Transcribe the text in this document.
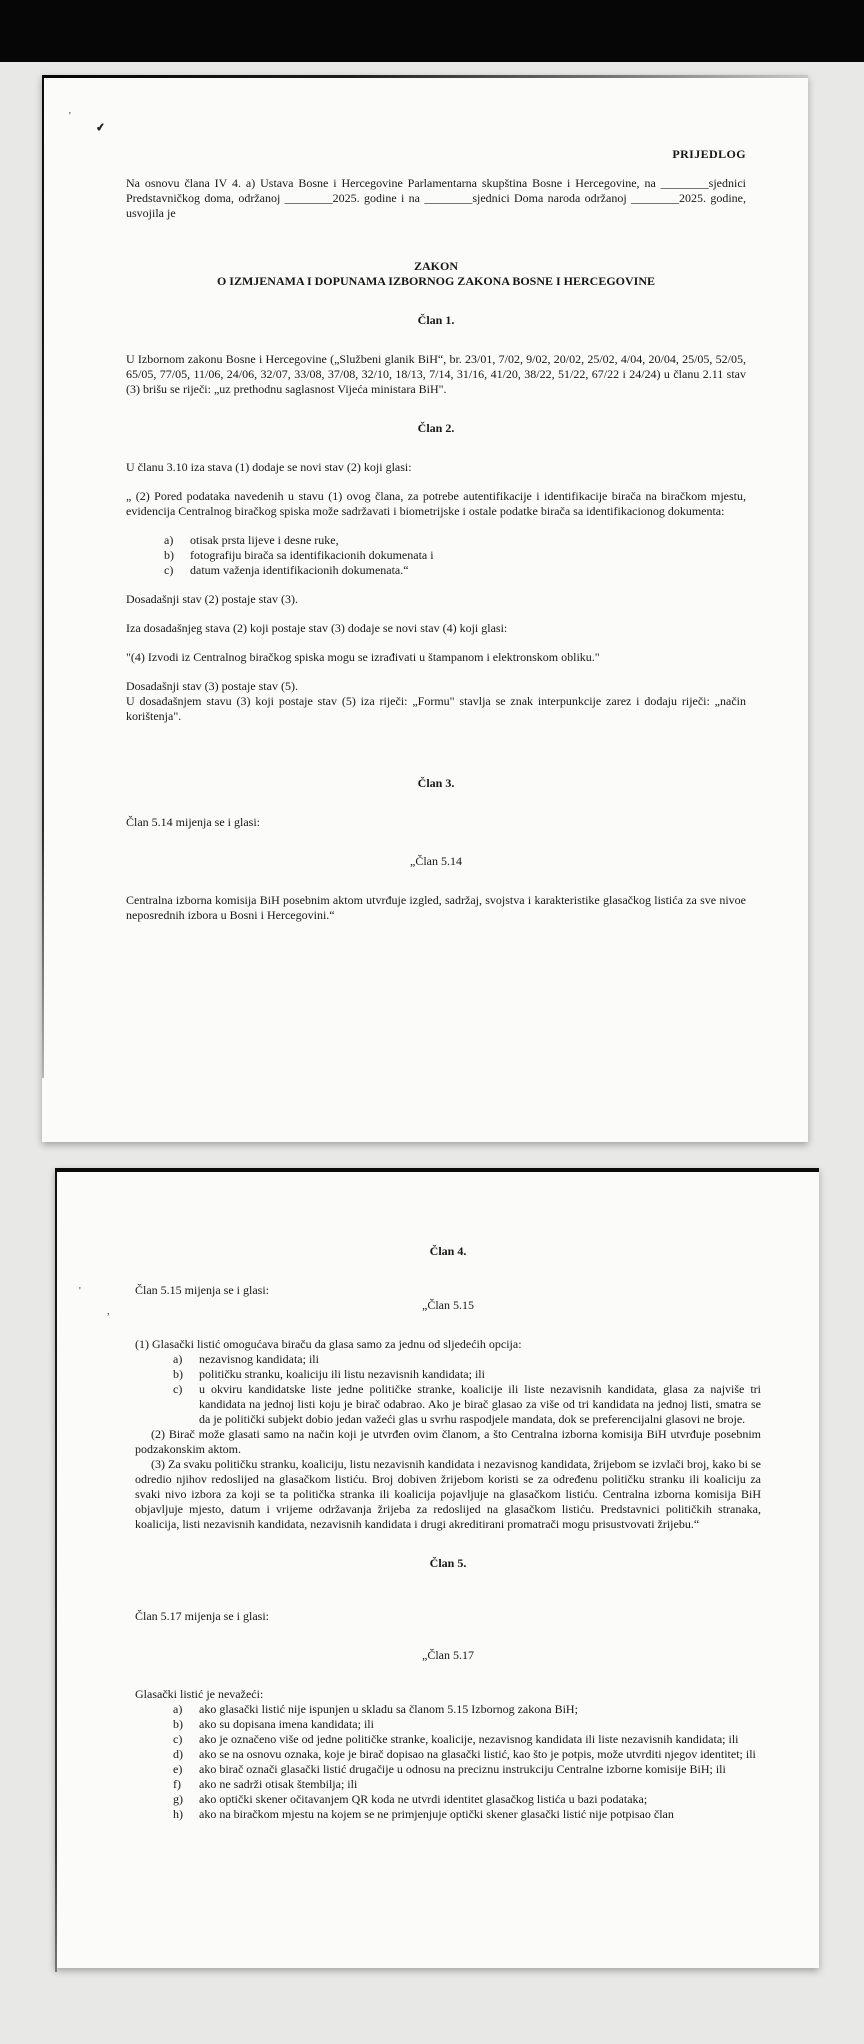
PRIJEDLOG
Na osnovu člana IV 4. a) Ustava Bosne i Hercegovine Parlamentarna skupština Bosne i Hercegovine, na ________sjednici Predstavničkog doma, održanoj ________2025. godine i na ________sjednici Doma naroda održanoj ________2025. godine, usvojila je
ZAKON
O IZMJENAMA I DOPUNAMA IZBORNOG ZAKONA BOSNE I HERCEGOVINE
Član 1.
U Izbornom zakonu Bosne i Hercegovine („Službeni glanik BiH“, br. 23/01, 7/02, 9/02, 20/02, 25/02, 4/04, 20/04, 25/05, 52/05, 65/05, 77/05, 11/06, 24/06, 32/07, 33/08, 37/08, 32/10, 18/13, 7/14, 31/16, 41/20, 38/22, 51/22, 67/22 i 24/24) u članu 2.11 stav (3) brišu se riječi: „uz prethodnu saglasnost Vijeća ministara BiH".
Član 2.
U članu 3.10 iza stava (1) dodaje se novi stav (2) koji glasi:
„ (2) Pored podataka navedenih u stavu (1) ovog člana, za potrebe autentifikacije i identifikacije birača na biračkom mjestu, evidencija Centralnog biračkog spiska može sadržavati i biometrijske i ostale podatke birača sa identifikacionog dokumenta:
a)	otisak prsta lijeve i desne ruke,
b)	fotografiju birača sa identifikacionih dokumenata i
c)	datum važenja identifikacionih dokumenata.“
Dosadašnji stav (2) postaje stav (3).
Iza dosadašnjeg stava (2) koji postaje stav (3) dodaje se novi stav (4) koji glasi:
"(4) Izvodi iz Centralnog biračkog spiska mogu se izrađivati u štampanom i elektronskom obliku."
Dosadašnji stav (3) postaje stav (5).
U dosadašnjem stavu (3) koji postaje stav (5) iza riječi: „Formu" stavlja se znak interpunkcije zarez i dodaju riječi: „način korištenja".
Član 3.
Član 5.14 mijenja se i glasi:
„Član 5.14
Centralna izborna komisija BiH posebnim aktom utvrđuje izgled, sadržaj, svojstva i karakteristike glasačkog listića za sve nivoe neposrednih izbora u Bosni i Hercegovini.“
'
✔
Član 4.
Član 5.15 mijenja se i glasi:
„Član 5.15
(1) Glasački listić omogućava biraču da glasa samo za jednu od sljedećih opcija:
a)	nezavisnog kandidata; ili
b)	političku stranku, koaliciju ili listu nezavisnih kandidata; ili
c)	u okviru kandidatske liste jedne političke stranke, koalicije ili liste nezavisnih kandidata, glasa za najviše tri kandidata na jednoj listi koju je birač odabrao. Ako je birač glasao za više od tri kandidata na jednoj listi, smatra se da je politički subjekt dobio jedan važeći glas u svrhu raspodjele mandata, dok se preferencijalni glasovi ne broje.
(2) Birač može glasati samo na način koji je utvrđen ovim članom, a što Centralna izborna komisija BiH utvrđuje posebnim podzakonskim aktom.
(3) Za svaku političku stranku, koaliciju, listu nezavisnih kandidata i nezavisnog kandidata, žrijebom se izvlači broj, kako bi se odredio njihov redoslijed na glasačkom listiću. Broj dobiven žrijebom koristi se za određenu političku stranku ili koaliciju za svaki nivo izbora za koji se ta politička stranka ili koalicija pojavljuje na glasačkom listiću. Centralna izborna komisija BiH objavljuje mjesto, datum i vrijeme održavanja žrijeba za redoslijed na glasačkom listiću. Predstavnici političkih stranaka, koalicija, listi nezavisnih kandidata, nezavisnih kandidata i drugi akreditirani promatrači mogu prisustvovati žrijebu.“
Član 5.
Član 5.17 mijenja se i glasi:
„Član 5.17
Glasački listić je nevažeći:
a)	ako glasački listić nije ispunjen u skladu sa članom 5.15 Izbornog zakona BiH;
b)	ako su dopisana imena kandidata; ili
c)	ako je označeno više od jedne političke stranke, koalicije, nezavisnog kandidata ili liste nezavisnih kandidata; ili
d)	ako se na osnovu oznaka, koje je birač dopisao na glasački listić, kao što je potpis, može utvrditi njegov identitet; ili
e)	ako birač označi glasački listić drugačije u odnosu na preciznu instrukciju Centralne izborne komisije BiH; ili
f)	ako ne sadrži otisak štembilja; ili
g)	ako optički skener očitavanjem QR koda ne utvrdi identitet glasačkog listića u bazi podataka;
h)	ako na biračkom mjestu na kojem se ne primjenjuje optički skener glasački listić nije potpisao član
'
,
